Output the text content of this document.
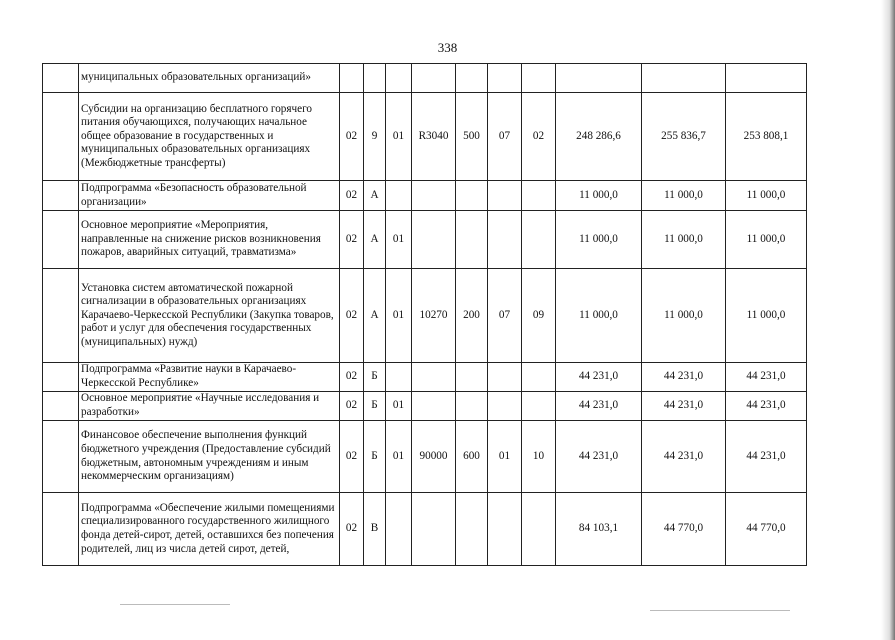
338
	муниципальных образовательных организаций»										
	Субсидии на организацию бесплатного горячего питания обучающихся, получающих начальное общее образование в государственных и муниципальных образовательных организациях (Межбюджетные трансферты)	02	9	01	R3040	500	07	02	248 286,6	255 836,7	253 808,1
	Подпрограмма «Безопасность образовательной организации»	02	А						11 000,0	11 000,0	11 000,0
	Основное мероприятие «Мероприятия, направленные на снижение рисков возникновения пожаров, аварийных ситуаций, травматизма»	02	А	01					11 000,0	11 000,0	11 000,0
	Установка систем автоматической пожарной сигнализации в образовательных организациях Карачаево-Черкесской Республики (Закупка товаров, работ и услуг для обеспечения государственных (муниципальных) нужд)	02	А	01	10270	200	07	09	11 000,0	11 000,0	11 000,0
	Подпрограмма «Развитие науки в Карачаево-Черкесской Республике»	02	Б						44 231,0	44 231,0	44 231,0
	Основное мероприятие «Научные исследования и разработки»	02	Б	01					44 231,0	44 231,0	44 231,0
	Финансовое обеспечение выполнения функций бюджетного учреждения (Предоставление субсидий бюджетным, автономным учреждениям и иным некоммерческим организациям)	02	Б	01	90000	600	01	10	44 231,0	44 231,0	44 231,0
	Подпрограмма «Обеспечение жилыми помещениями специализированного государственного жилищного фонда детей-сирот, детей, оставшихся без попечения родителей, лиц из числа детей сирот, детей,	02	В						84 103,1	44 770,0	44 770,0
